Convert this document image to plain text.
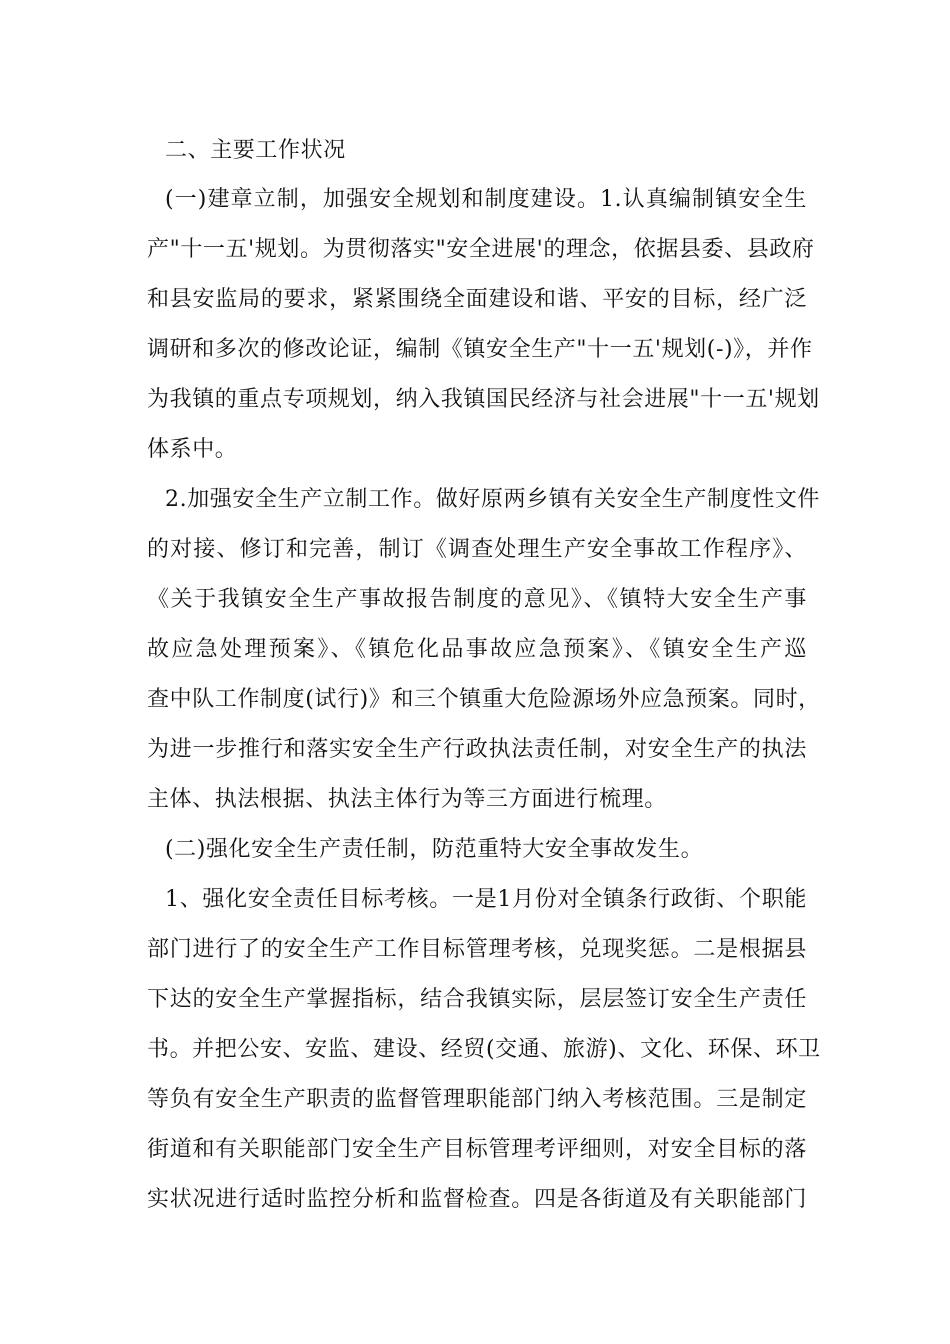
二、主要工作状况
(一)建章立制，加强安全规划和制度建设。1.认真编制镇安全生
产"十一五'规划。为贯彻落实"安全进展'的理念，依据县委、县政府
和县安监局的要求，紧紧围绕全面建设和谐、平安的目标，经广泛
调研和多次的修改论证，编制《镇安全生产"十一五'规划(-)》，并作
为我镇的重点专项规划，纳入我镇国民经济与社会进展"十一五'规划
体系中。
2.加强安全生产立制工作。做好原两乡镇有关安全生产制度性文件
的对接、修订和完善，制订《调查处理生产安全事故工作程序》、
《关于我镇安全生产事故报告制度的意见》、《镇特大安全生产事
故应急处理预案》、《镇危化品事故应急预案》、《镇安全生产巡
查中队工作制度(试行)》和三个镇重大危险源场外应急预案。同时，
为进一步推行和落实安全生产行政执法责任制，对安全生产的执法
主体、执法根据、执法主体行为等三方面进行梳理。
(二)强化安全生产责任制，防范重特大安全事故发生。
1、强化安全责任目标考核。一是1月份对全镇条行政街、个职能
部门进行了的安全生产工作目标管理考核，兑现奖惩。二是根据县
下达的安全生产掌握指标，结合我镇实际，层层签订安全生产责任
书。并把公安、安监、建设、经贸(交通、旅游)、文化、环保、环卫
等负有安全生产职责的监督管理职能部门纳入考核范围。三是制定
街道和有关职能部门安全生产目标管理考评细则，对安全目标的落
实状况进行适时监控分析和监督检查。四是各街道及有关职能部门
